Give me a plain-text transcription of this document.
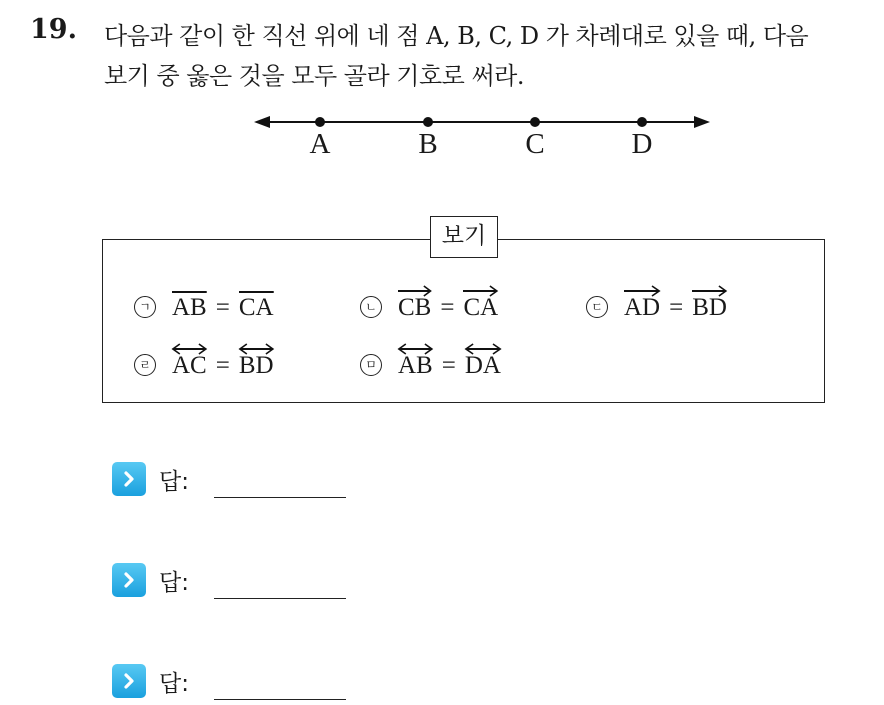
19. 다음과 같이 한 직선 위에 네 점 A, B, C, D 가 차례대로 있을 때, 다음
보기 중 옳은 것을 모두 골라 기호로 써라.
A	B	C	D
보기
ㄱ AB = CA	ㄴ CB = CA	ㄷ AD = BD
ㄹ AC = BD	ㅁ AB = DA
답:
답:
답:
